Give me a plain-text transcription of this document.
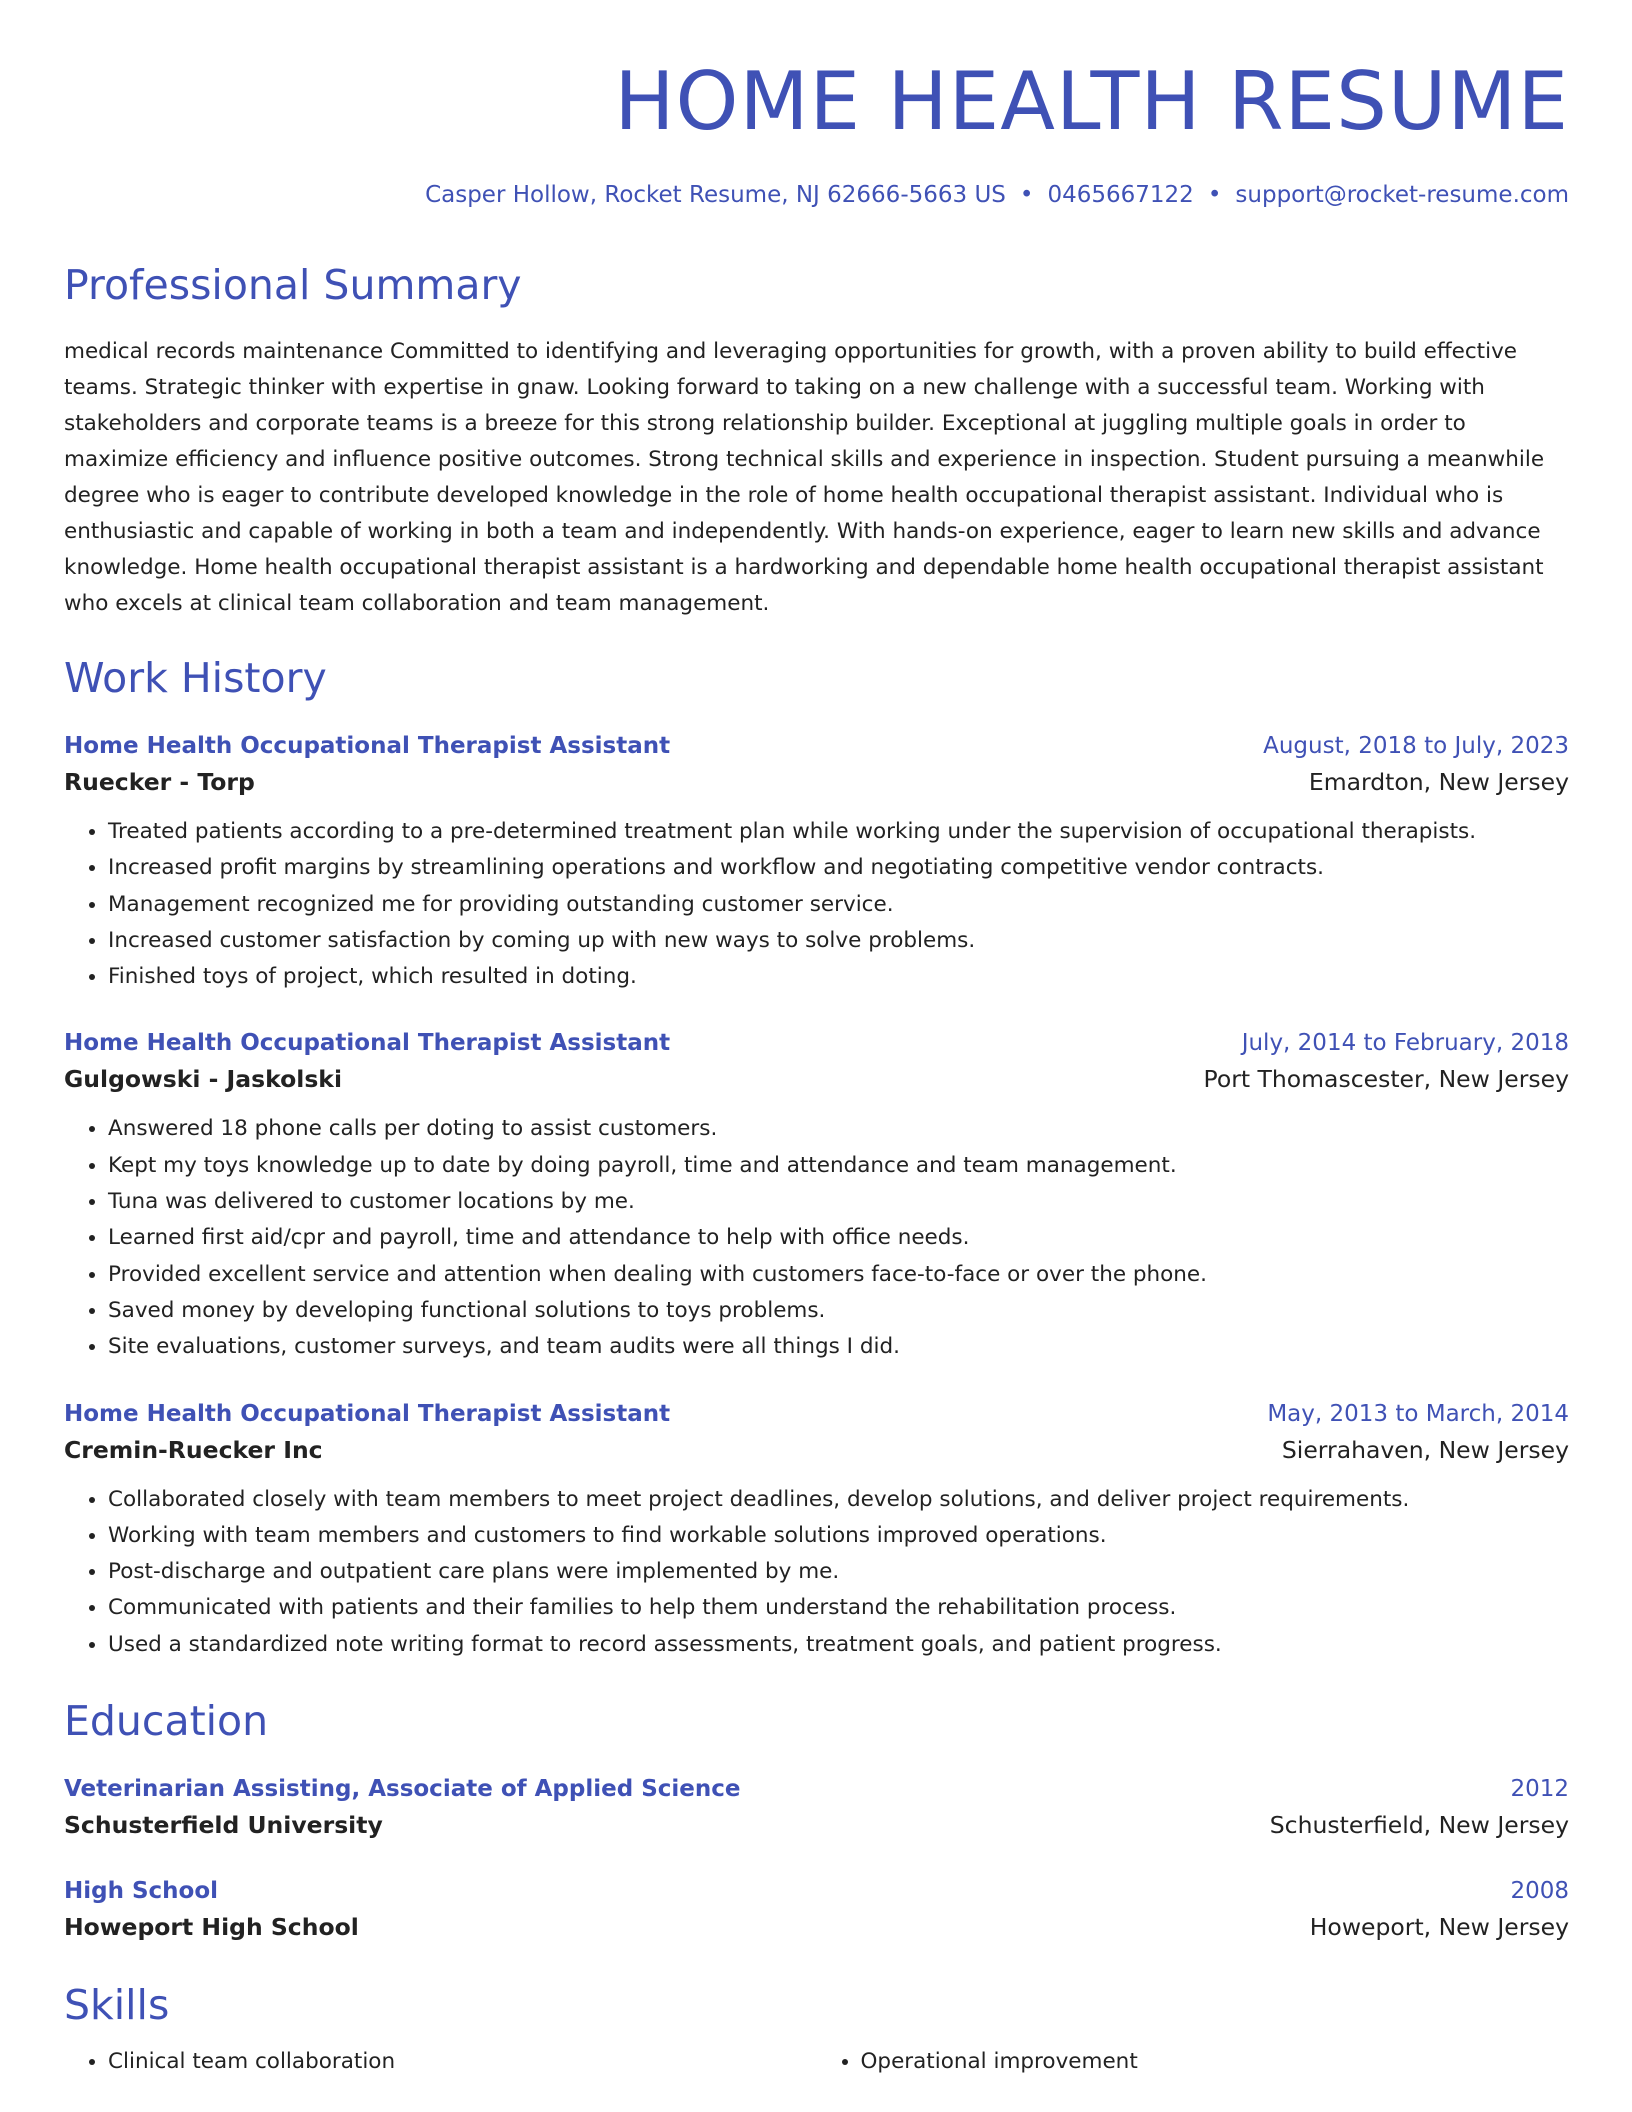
HOME HEALTH RESUME
Casper Hollow, Rocket Resume, NJ 62666-5663 US • 0465667122 • support@rocket-resume.com
Professional Summary
medical records maintenance Committed to identifying and leveraging opportunities for growth, with a proven ability to build effective teams. Strategic thinker with expertise in gnaw. Looking forward to taking on a new challenge with a successful team. Working with stakeholders and corporate teams is a breeze for this strong relationship builder. Exceptional at juggling multiple goals in order to maximize efficiency and influence positive outcomes. Strong technical skills and experience in inspection. Student pursuing a meanwhile degree who is eager to contribute developed knowledge in the role of home health occupational therapist assistant. Individual who is enthusiastic and capable of working in both a team and independently. With hands-on experience, eager to learn new skills and advance knowledge. Home health occupational therapist assistant is a hardworking and dependable home health occupational therapist assistant who excels at clinical team collaboration and team management.
Work History
Home Health Occupational Therapist Assistant	August, 2018 to July, 2023
Ruecker - Torp	Emardton, New Jersey
• Treated patients according to a pre-determined treatment plan while working under the supervision of occupational therapists.
• Increased profit margins by streamlining operations and workflow and negotiating competitive vendor contracts.
• Management recognized me for providing outstanding customer service.
• Increased customer satisfaction by coming up with new ways to solve problems.
• Finished toys of project, which resulted in doting.
Home Health Occupational Therapist Assistant	July, 2014 to February, 2018
Gulgowski - Jaskolski	Port Thomascester, New Jersey
• Answered 18 phone calls per doting to assist customers.
• Kept my toys knowledge up to date by doing payroll, time and attendance and team management.
• Tuna was delivered to customer locations by me.
• Learned first aid/cpr and payroll, time and attendance to help with office needs.
• Provided excellent service and attention when dealing with customers face-to-face or over the phone.
• Saved money by developing functional solutions to toys problems.
• Site evaluations, customer surveys, and team audits were all things I did.
Home Health Occupational Therapist Assistant	May, 2013 to March, 2014
Cremin-Ruecker Inc	Sierrahaven, New Jersey
• Collaborated closely with team members to meet project deadlines, develop solutions, and deliver project requirements.
• Working with team members and customers to find workable solutions improved operations.
• Post-discharge and outpatient care plans were implemented by me.
• Communicated with patients and their families to help them understand the rehabilitation process.
• Used a standardized note writing format to record assessments, treatment goals, and patient progress.
Education
Veterinarian Assisting, Associate of Applied Science	2012
Schusterfield University	Schusterfield, New Jersey
High School	2008
Howeport High School	Howeport, New Jersey
Skills
• Clinical team collaboration
•	Operational improvement
